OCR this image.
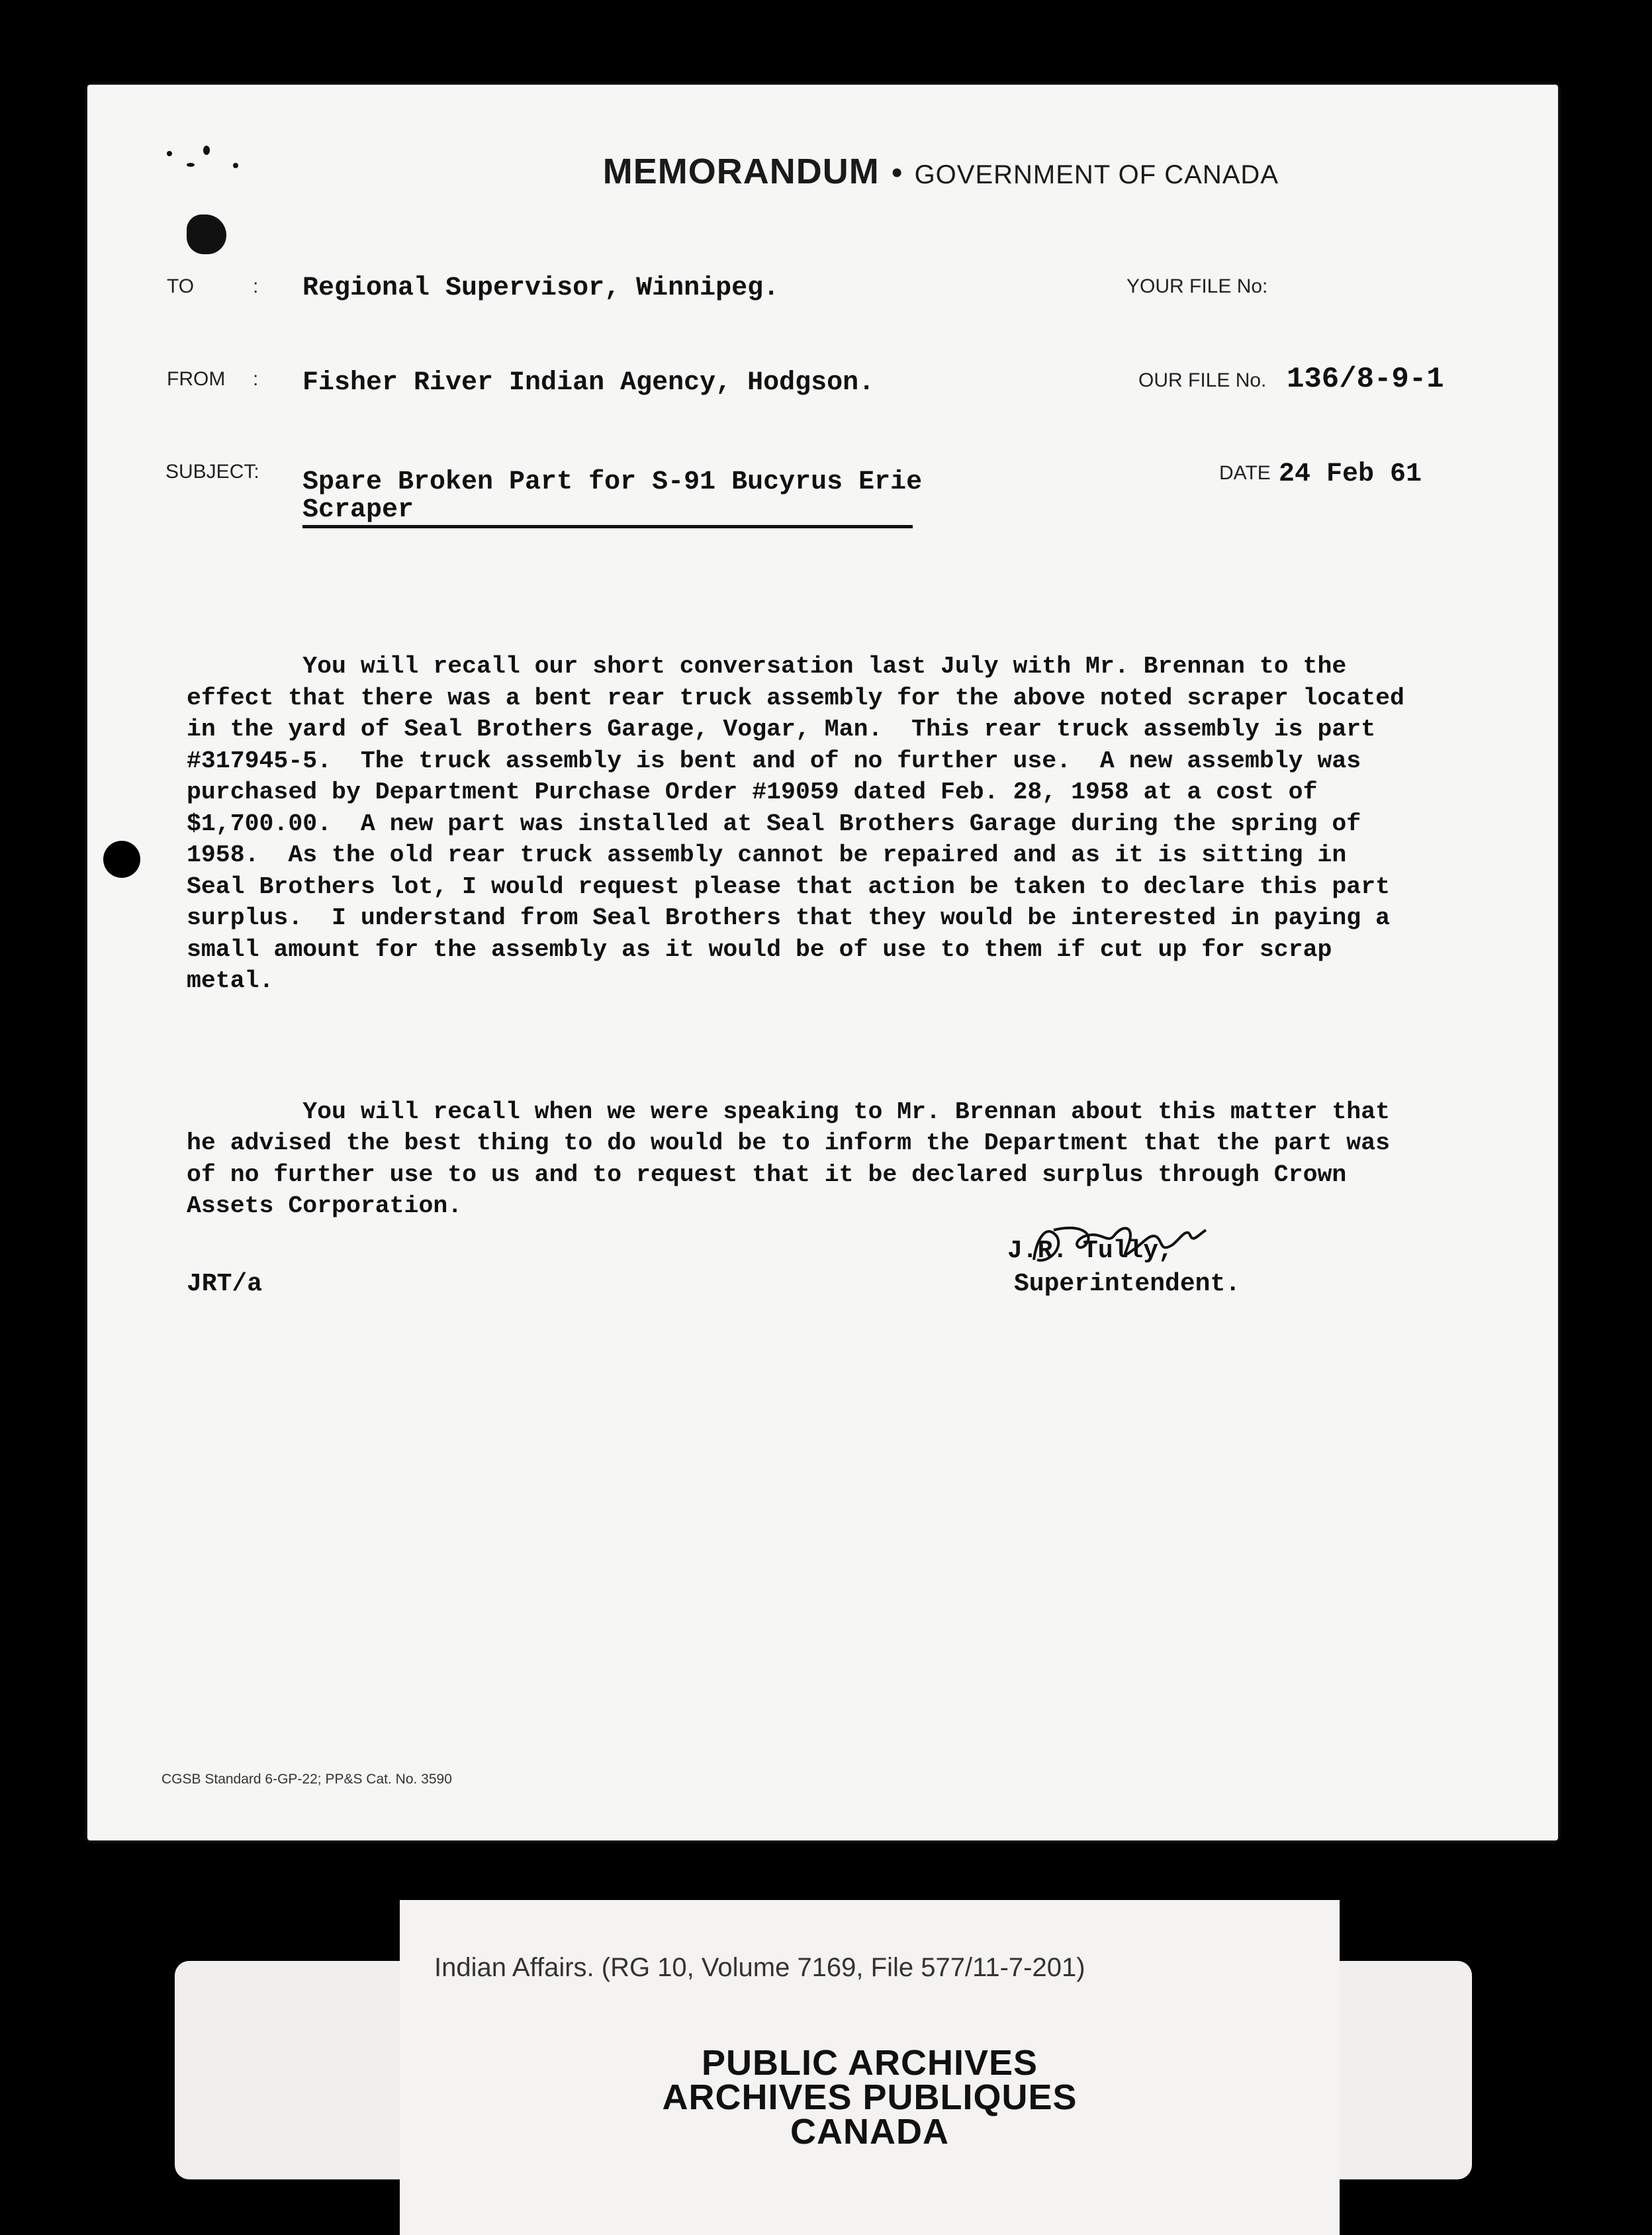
MEMORANDUM • GOVERNMENT OF CANADA
TO	: Regional Supervisor, Winnipeg.	YOUR FILE No:
FROM : Fisher River Indian Agency, Hodgson.	OUR FILE No. 136/8-9-1
SUBJECT: Spare Broken Part for S-91 Bucyrus Erie
Scraper
DATE 24 Feb 61

You will recall our short conversation last July with Mr. Brennan to the
effect that there was a bent rear truck assembly for the above noted scraper located
in the yard of Seal Brothers Garage, Vogar, Man.  This rear truck assembly is part
#317945-5.  The truck assembly is bent and of no further use.  A new assembly was
purchased by Department Purchase Order #19059 dated Feb. 28, 1958 at a cost of
$1,700.00.  A new part was installed at Seal Brothers Garage during the spring of
1958.  As the old rear truck assembly cannot be repaired and as it is sitting in
Seal Brothers lot, I would request please that action be taken to declare this part
surplus.  I understand from Seal Brothers that they would be interested in paying a
small amount for the assembly as it would be of use to them if cut up for scrap
metal.

You will recall when we were speaking to Mr. Brennan about this matter that
he advised the best thing to do would be to inform the Department that the part was
of no further use to us and to request that it be declared surplus through Crown
Assets Corporation.

J.R. Tully,
Superintendent.
JRT/a
CGSB Standard 6-GP-22; PP&S Cat. No. 3590
Indian Affairs. (RG 10, Volume 7169, File 577/11-7-201)
PUBLIC ARCHIVES
ARCHIVES PUBLIQUES
CANADA
